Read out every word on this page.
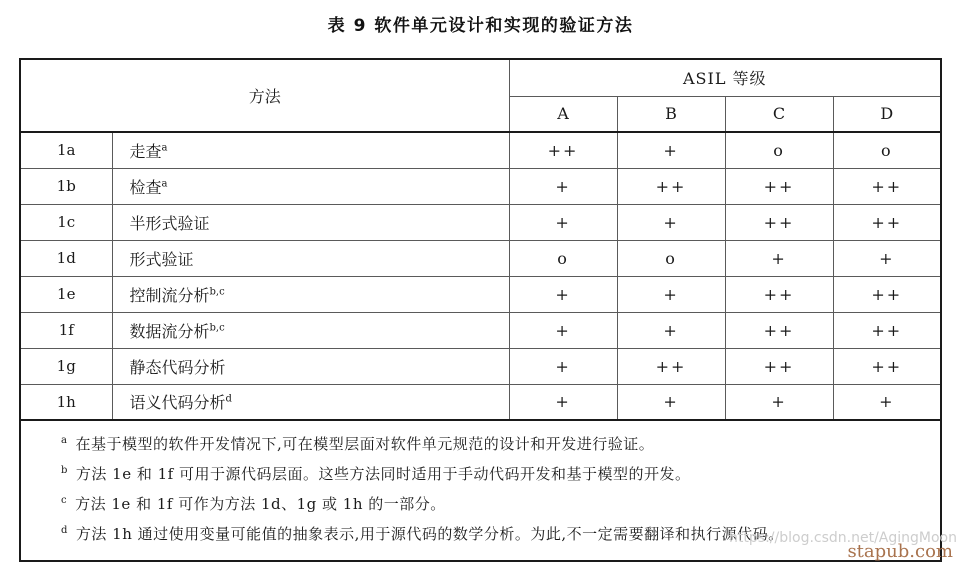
表 9 软件单元设计和实现的验证方法
方法		ASIL 等级			
		A	B	C	D
1a	走查$^a$	++	+	o	o
1b	检查$^a$	+	++	++	++
1c	半形式验证	+	+	++	++
1d	形式验证	o	o	+	+
1e	控制流分析$^{b,c}$	+	+	++	++
1f	数据流分析$^{b,c}$	+	+	++	++
1g	静态代码分析	+	++	++	++
1h	语义代码分析$^d$	+	+	+	+

$^a$ 在基于模型的软件开发情况下,可在模型层面对软件单元规范的设计和开发进行验证。
$^b$ 方法 1e 和 1f 可用于源代码层面。这些方法同时适用于手动代码开发和基于模型的开发。
$^c$ 方法 1e 和 1f 可作为方法 1d、1g 或 1h 的一部分。
$^d$ 方法 1h 通过使用变量可能值的抽象表示,用于源代码的数学分析。为此,不一定需要翻译和执行源代码。					
https://blog.csdn.net/AgingMoon
stapub.com
